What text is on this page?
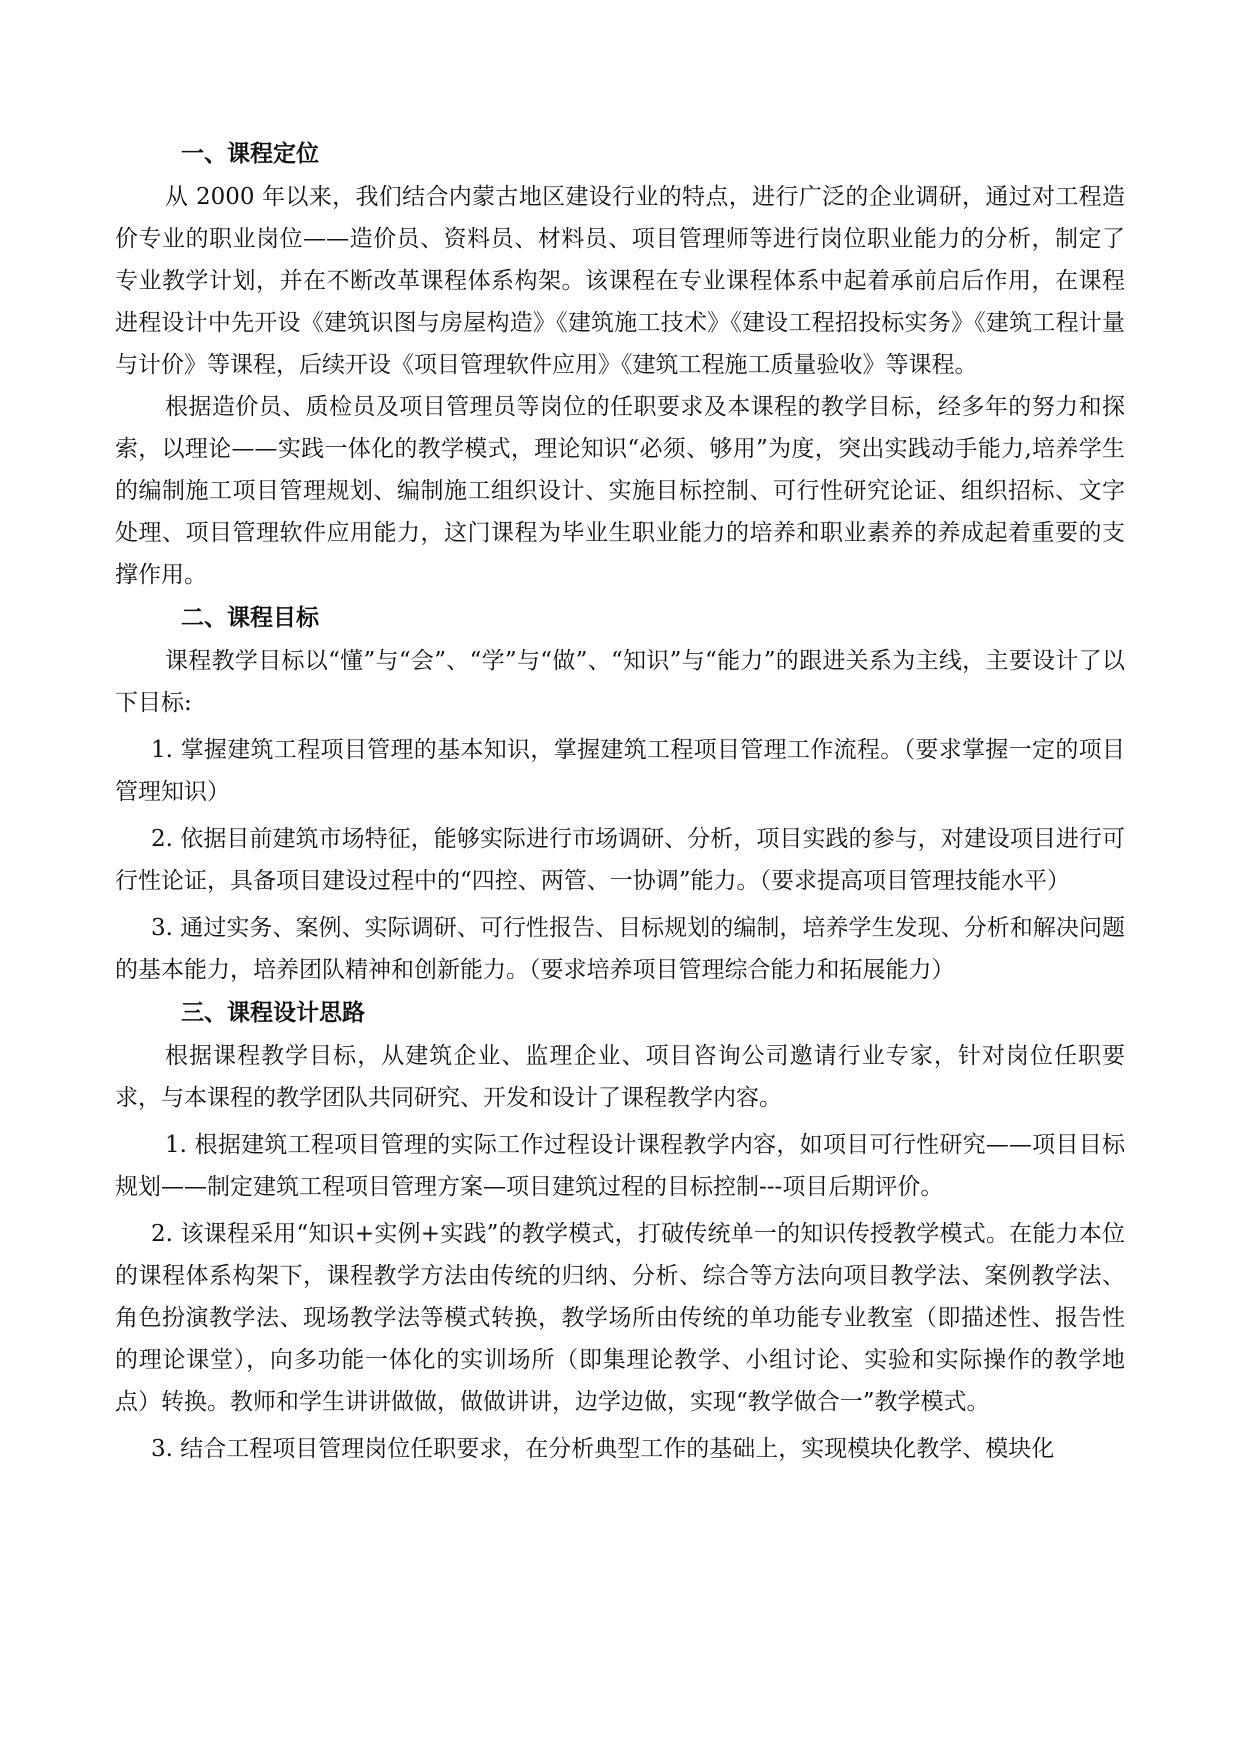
一、课程定位

从 2000 年以来，我们结合内蒙古地区建设行业的特点，进行广泛的企业调研，通过对工程造价专业的职业岗位——造价员、资料员、材料员、项目管理师等进行岗位职业能力的分析，制定了专业教学计划，并在不断改革课程体系构架。该课程在专业课程体系中起着承前启后作用，在课程进程设计中先开设《建筑识图与房屋构造》《建筑施工技术》《建设工程招投标实务》《建筑工程计量与计价》等课程，后续开设《项目管理软件应用》《建筑工程施工质量验收》等课程。

根据造价员、质检员及项目管理员等岗位的任职要求及本课程的教学目标，经多年的努力和探索，以理论——实践一体化的教学模式，理论知识“必须、够用”为度，突出实践动手能力,培养学生的编制施工项目管理规划、编制施工组织设计、实施目标控制、可行性研究论证、组织招标、文字处理、项目管理软件应用能力，这门课程为毕业生职业能力的培养和职业素养的养成起着重要的支撑作用。

二、课程目标

课程教学目标以“懂”与“会”、“学”与“做”、“知识”与“能力”的跟进关系为主线，主要设计了以下目标:

1. 掌握建筑工程项目管理的基本知识，掌握建筑工程项目管理工作流程。（要求掌握一定的项目管理知识）

2. 依据目前建筑市场特征，能够实际进行市场调研、分析，项目实践的参与，对建设项目进行可行性论证，具备项目建设过程中的“四控、两管、一协调”能力。（要求提高项目管理技能水平）

3. 通过实务、案例、实际调研、可行性报告、目标规划的编制，培养学生发现、分析和解决问题的基本能力，培养团队精神和创新能力。（要求培养项目管理综合能力和拓展能力）

三、课程设计思路

根据课程教学目标，从建筑企业、监理企业、项目咨询公司邀请行业专家，针对岗位任职要求，与本课程的教学团队共同研究、开发和设计了课程教学内容。

1. 根据建筑工程项目管理的实际工作过程设计课程教学内容，如项目可行性研究——项目目标规划——制定建筑工程项目管理方案—项目建筑过程的目标控制---项目后期评价。

2. 该课程采用“知识+实例+实践”的教学模式，打破传统单一的知识传授教学模式。在能力本位的课程体系构架下，课程教学方法由传统的归纳、分析、综合等方法向项目教学法、案例教学法、角色扮演教学法、现场教学法等模式转换，教学场所由传统的单功能专业教室（即描述性、报告性的理论课堂），向多功能一体化的实训场所（即集理论教学、小组讨论、实验和实际操作的教学地点）转换。教师和学生讲讲做做，做做讲讲，边学边做，实现“教学做合一”教学模式。

3. 结合工程项目管理岗位任职要求，在分析典型工作的基础上，实现模块化教学、模块化
